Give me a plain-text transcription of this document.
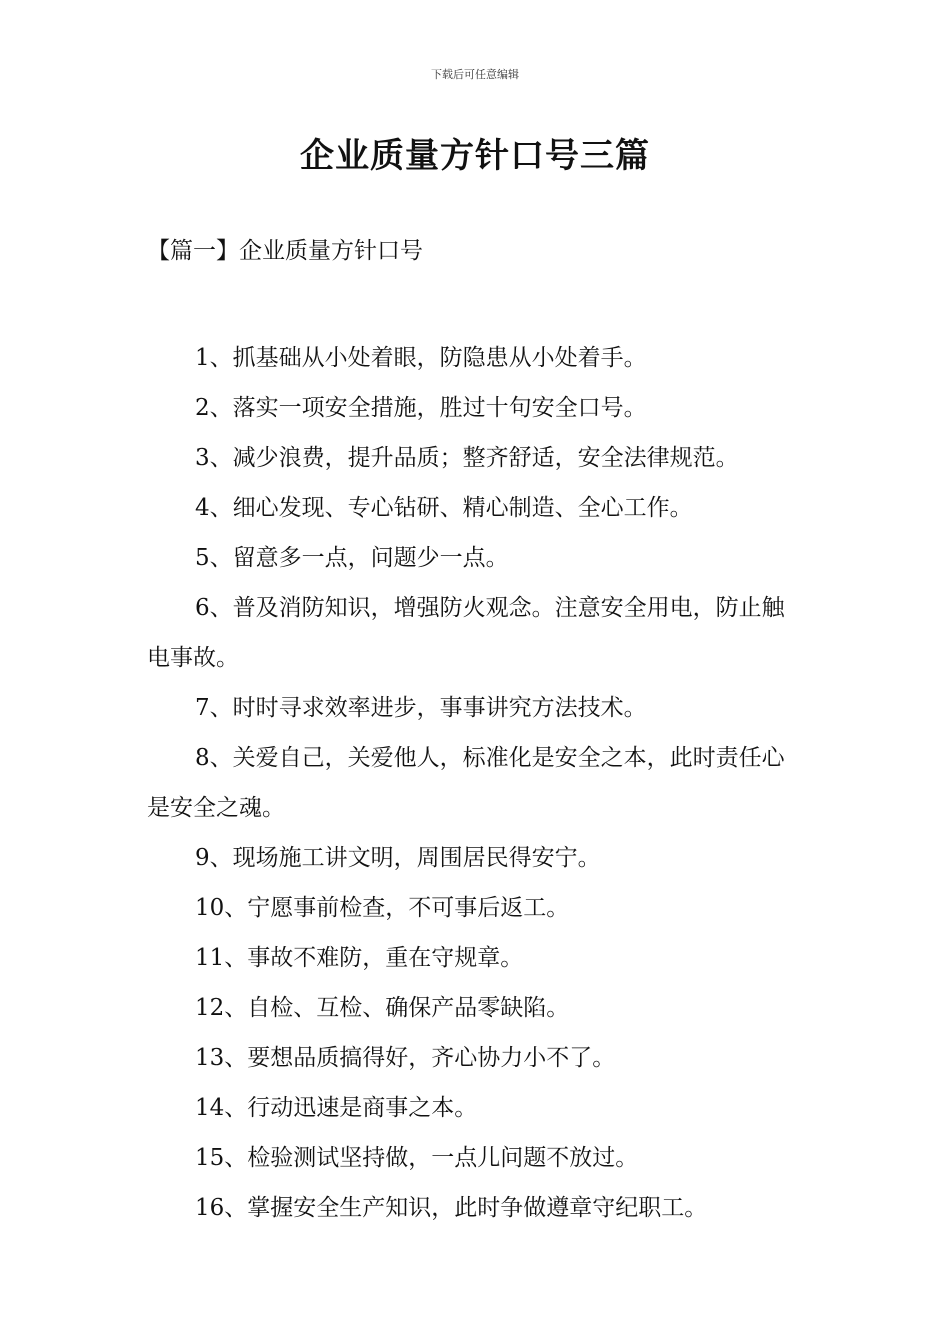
下载后可任意编辑
企业质量方针口号三篇
【篇一】企业质量方针口号

1、抓基础从小处着眼，防隐患从小处着手。

2、落实一项安全措施，胜过十句安全口号。

3、减少浪费，提升品质；整齐舒适，安全法律规范。

4、细心发现、专心钻研、精心制造、全心工作。

5、留意多一点，问题少一点。

6、普及消防知识，增强防火观念。注意安全用电，防止触电事故。

7、时时寻求效率进步，事事讲究方法技术。

8、关爱自己，关爱他人，标准化是安全之本，此时责任心是安全之魂。

9、现场施工讲文明，周围居民得安宁。

10、宁愿事前检查，不可事后返工。

11、事故不难防，重在守规章。

12、自检、互检、确保产品零缺陷。

13、要想品质搞得好，齐心协力小不了。

14、行动迅速是商事之本。

15、检验测试坚持做，一点儿问题不放过。

16、掌握安全生产知识，此时争做遵章守纪职工。
